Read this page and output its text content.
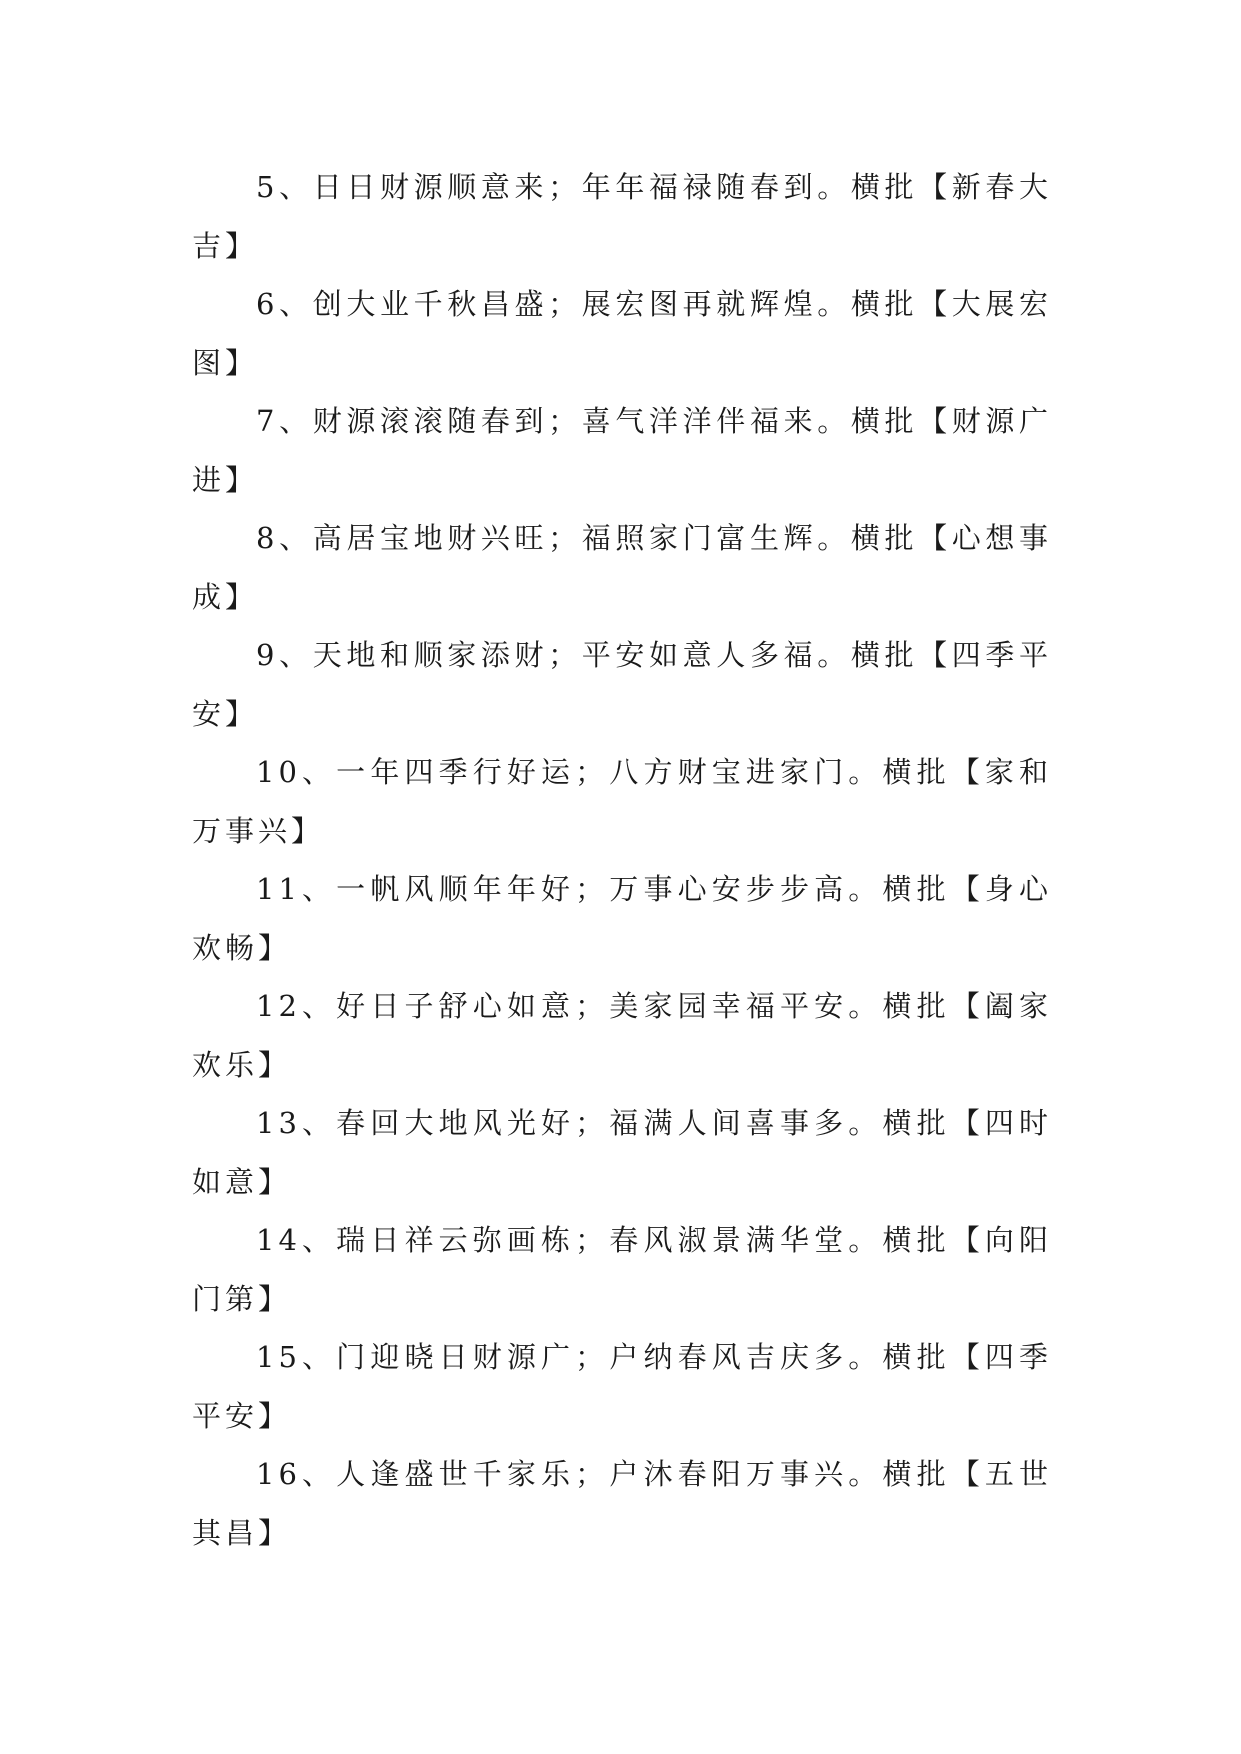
5、日日财源顺意来；年年福禄随春到。横批【新春大吉】

6、创大业千秋昌盛；展宏图再就辉煌。横批【大展宏图】

7、财源滚滚随春到；喜气洋洋伴福来。横批【财源广进】

8、高居宝地财兴旺；福照家门富生辉。横批【心想事成】

9、天地和顺家添财；平安如意人多福。横批【四季平安】

10、一年四季行好运；八方财宝进家门。横批【家和万事兴】

11、一帆风顺年年好；万事心安步步高。横批【身心欢畅】

12、好日子舒心如意；美家园幸福平安。横批【阖家欢乐】

13、春回大地风光好；福满人间喜事多。横批【四时如意】

14、瑞日祥云弥画栋；春风淑景满华堂。横批【向阳门第】

15、门迎晓日财源广；户纳春风吉庆多。横批【四季平安】

16、人逢盛世千家乐；户沐春阳万事兴。横批【五世其昌】
